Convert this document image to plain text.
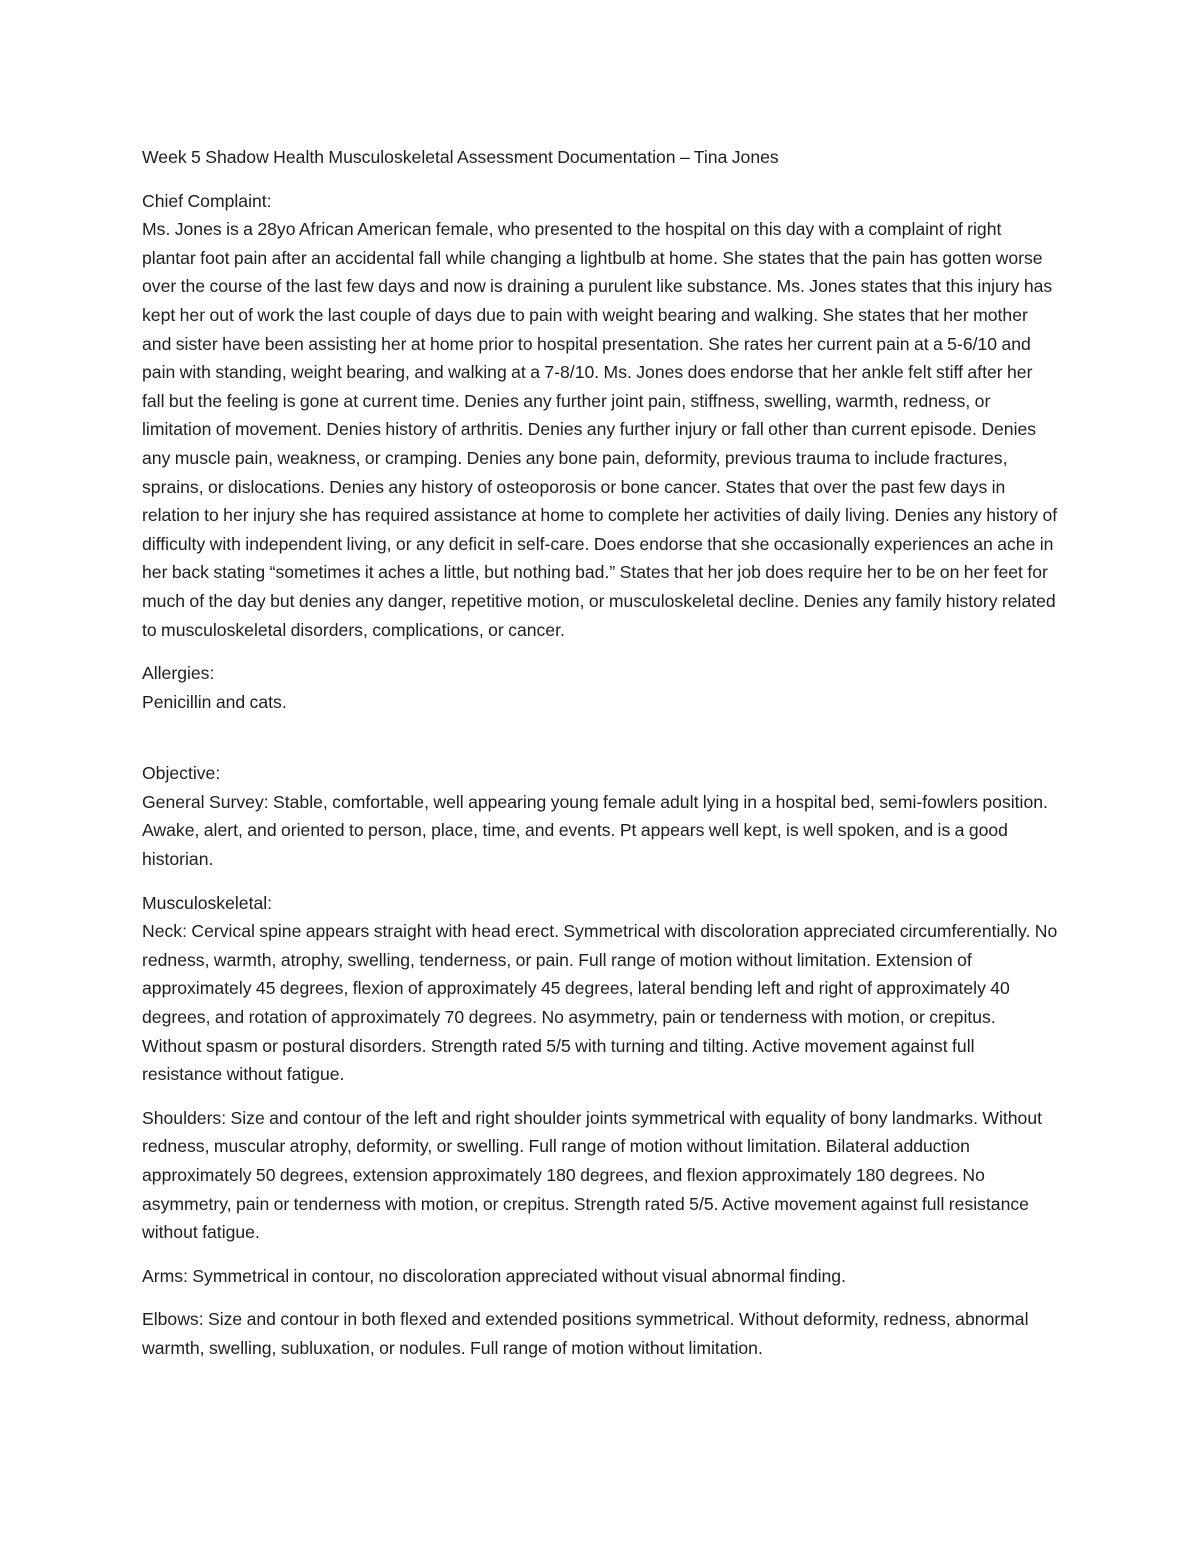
Week 5 Shadow Health Musculoskeletal Assessment Documentation – Tina Jones

Chief Complaint:

Ms. Jones is a 28yo African American female, who presented to the hospital on this day with a complaint of right plantar foot pain after an accidental fall while changing a lightbulb at home. She states that the pain has gotten worse over the course of the last few days and now is draining a purulent like substance. Ms. Jones states that this injury has kept her out of work the last couple of days due to pain with weight bearing and walking. She states that her mother and sister have been assisting her at home prior to hospital presentation. She rates her current pain at a 5-6/10 and pain with standing, weight bearing, and walking at a 7-8/10. Ms. Jones does endorse that her ankle felt stiff after her fall but the feeling is gone at current time. Denies any further joint pain, stiffness, swelling, warmth, redness, or limitation of movement. Denies history of arthritis. Denies any further injury or fall other than current episode. Denies any muscle pain, weakness, or cramping. Denies any bone pain, deformity, previous trauma to include fractures, sprains, or dislocations. Denies any history of osteoporosis or bone cancer. States that over the past few days in relation to her injury she has required assistance at home to complete her activities of daily living. Denies any history of difficulty with independent living, or any deficit in self-care. Does endorse that she occasionally experiences an ache in her back stating “sometimes it aches a little, but nothing bad.” States that her job does require her to be on her feet for much of the day but denies any danger, repetitive motion, or musculoskeletal decline. Denies any family history related to musculoskeletal disorders, complications, or cancer.

Allergies:

Penicillin and cats.

Objective:

General Survey: Stable, comfortable, well appearing young female adult lying in a hospital bed, semi-fowlers position. Awake, alert, and oriented to person, place, time, and events. Pt appears well kept, is well spoken, and is a good historian.

Musculoskeletal:

Neck: Cervical spine appears straight with head erect. Symmetrical with discoloration appreciated circumferentially. No redness, warmth, atrophy, swelling, tenderness, or pain. Full range of motion without limitation. Extension of approximately 45 degrees, flexion of approximately 45 degrees, lateral bending left and right of approximately 40 degrees, and rotation of approximately 70 degrees. No asymmetry, pain or tenderness with motion, or crepitus. Without spasm or postural disorders. Strength rated 5/5 with turning and tilting. Active movement against full resistance without fatigue.

Shoulders: Size and contour of the left and right shoulder joints symmetrical with equality of bony landmarks. Without redness, muscular atrophy, deformity, or swelling. Full range of motion without limitation. Bilateral adduction approximately 50 degrees, extension approximately 180 degrees, and flexion approximately 180 degrees. No asymmetry, pain or tenderness with motion, or crepitus. Strength rated 5/5. Active movement against full resistance without fatigue.

Arms: Symmetrical in contour, no discoloration appreciated without visual abnormal finding.

Elbows: Size and contour in both flexed and extended positions symmetrical. Without deformity, redness, abnormal warmth, swelling, subluxation, or nodules. Full range of motion without limitation.
